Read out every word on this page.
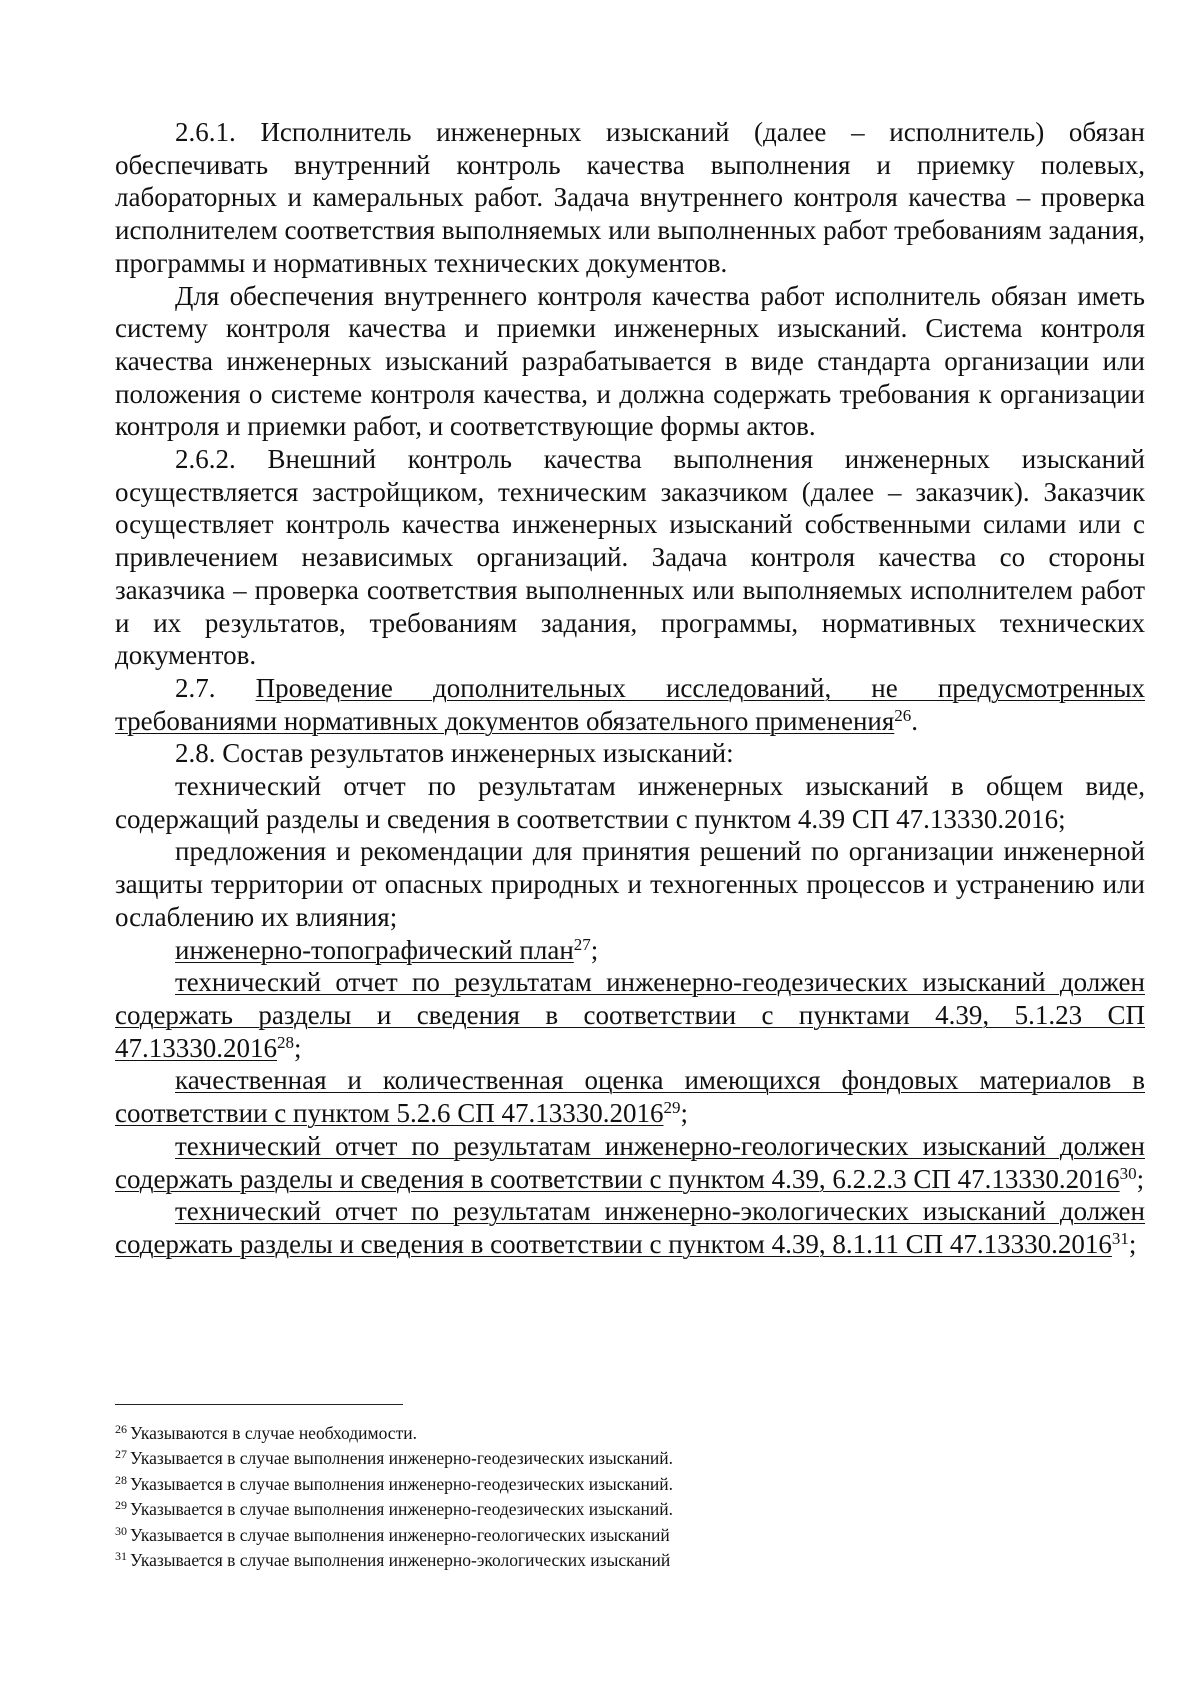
2.6.1. Исполнитель инженерных изысканий (далее – исполнитель) обязан обеспечивать внутренний контроль качества выполнения и приемку полевых, лабораторных и камеральных работ. Задача внутреннего контроля качества – проверка исполнителем соответствия выполняемых или выполненных работ требованиям задания, программы и нормативных технических документов.

Для обеспечения внутреннего контроля качества работ исполнитель обязан иметь систему контроля качества и приемки инженерных изысканий. Система контроля качества инженерных изысканий разрабатывается в виде стандарта организации или положения о системе контроля качества, и должна содержать требования к организации контроля и приемки работ, и соответствующие формы актов.

2.6.2. Внешний контроль качества выполнения инженерных изысканий осуществляется застройщиком, техническим заказчиком (далее – заказчик). Заказчик осуществляет контроль качества инженерных изысканий собственными силами или с привлечением независимых организаций. Задача контроля качества со стороны заказчика – проверка соответствия выполненных или выполняемых исполнителем работ и их результатов, требованиям задания, программы, нормативных технических документов.

2.7. Проведение дополнительных исследований, не предусмотренных требованиями нормативных документов обязательного применения$^{26}$.

2.8. Состав результатов инженерных изысканий:

технический отчет по результатам инженерных изысканий в общем виде, содержащий разделы и сведения в соответствии с пунктом 4.39 СП 47.13330.2016;

предложения и рекомендации для принятия решений по организации инженерной защиты территории от опасных природных и техногенных процессов и устранению или ослаблению их влияния;

инженерно-топографический план$^{27}$;

технический отчет по результатам инженерно-геодезических изысканий должен содержать разделы и сведения в соответствии с пунктами 4.39, 5.1.23 СП 47.13330.2016$^{28}$;

качественная и количественная оценка имеющихся фондовых материалов в соответствии с пунктом 5.2.6 СП 47.13330.2016$^{29}$;

технический отчет по результатам инженерно-геологических изысканий должен содержать разделы и сведения в соответствии с пунктом 4.39, 6.2.2.3 СП 47.13330.2016$^{30}$;

технический отчет по результатам инженерно-экологических изысканий должен содержать разделы и сведения в соответствии с пунктом 4.39, 8.1.11 СП 47.13330.2016$^{31}$;

$^{26}$ Указываются в случае необходимости.

$^{27}$ Указывается в случае выполнения инженерно-геодезических изысканий.

$^{28}$ Указывается в случае выполнения инженерно-геодезических изысканий.

$^{29}$ Указывается в случае выполнения инженерно-геодезических изысканий.

$^{30}$ Указывается в случае выполнения инженерно-геологических изысканий

$^{31}$ Указывается в случае выполнения инженерно-экологических изысканий
